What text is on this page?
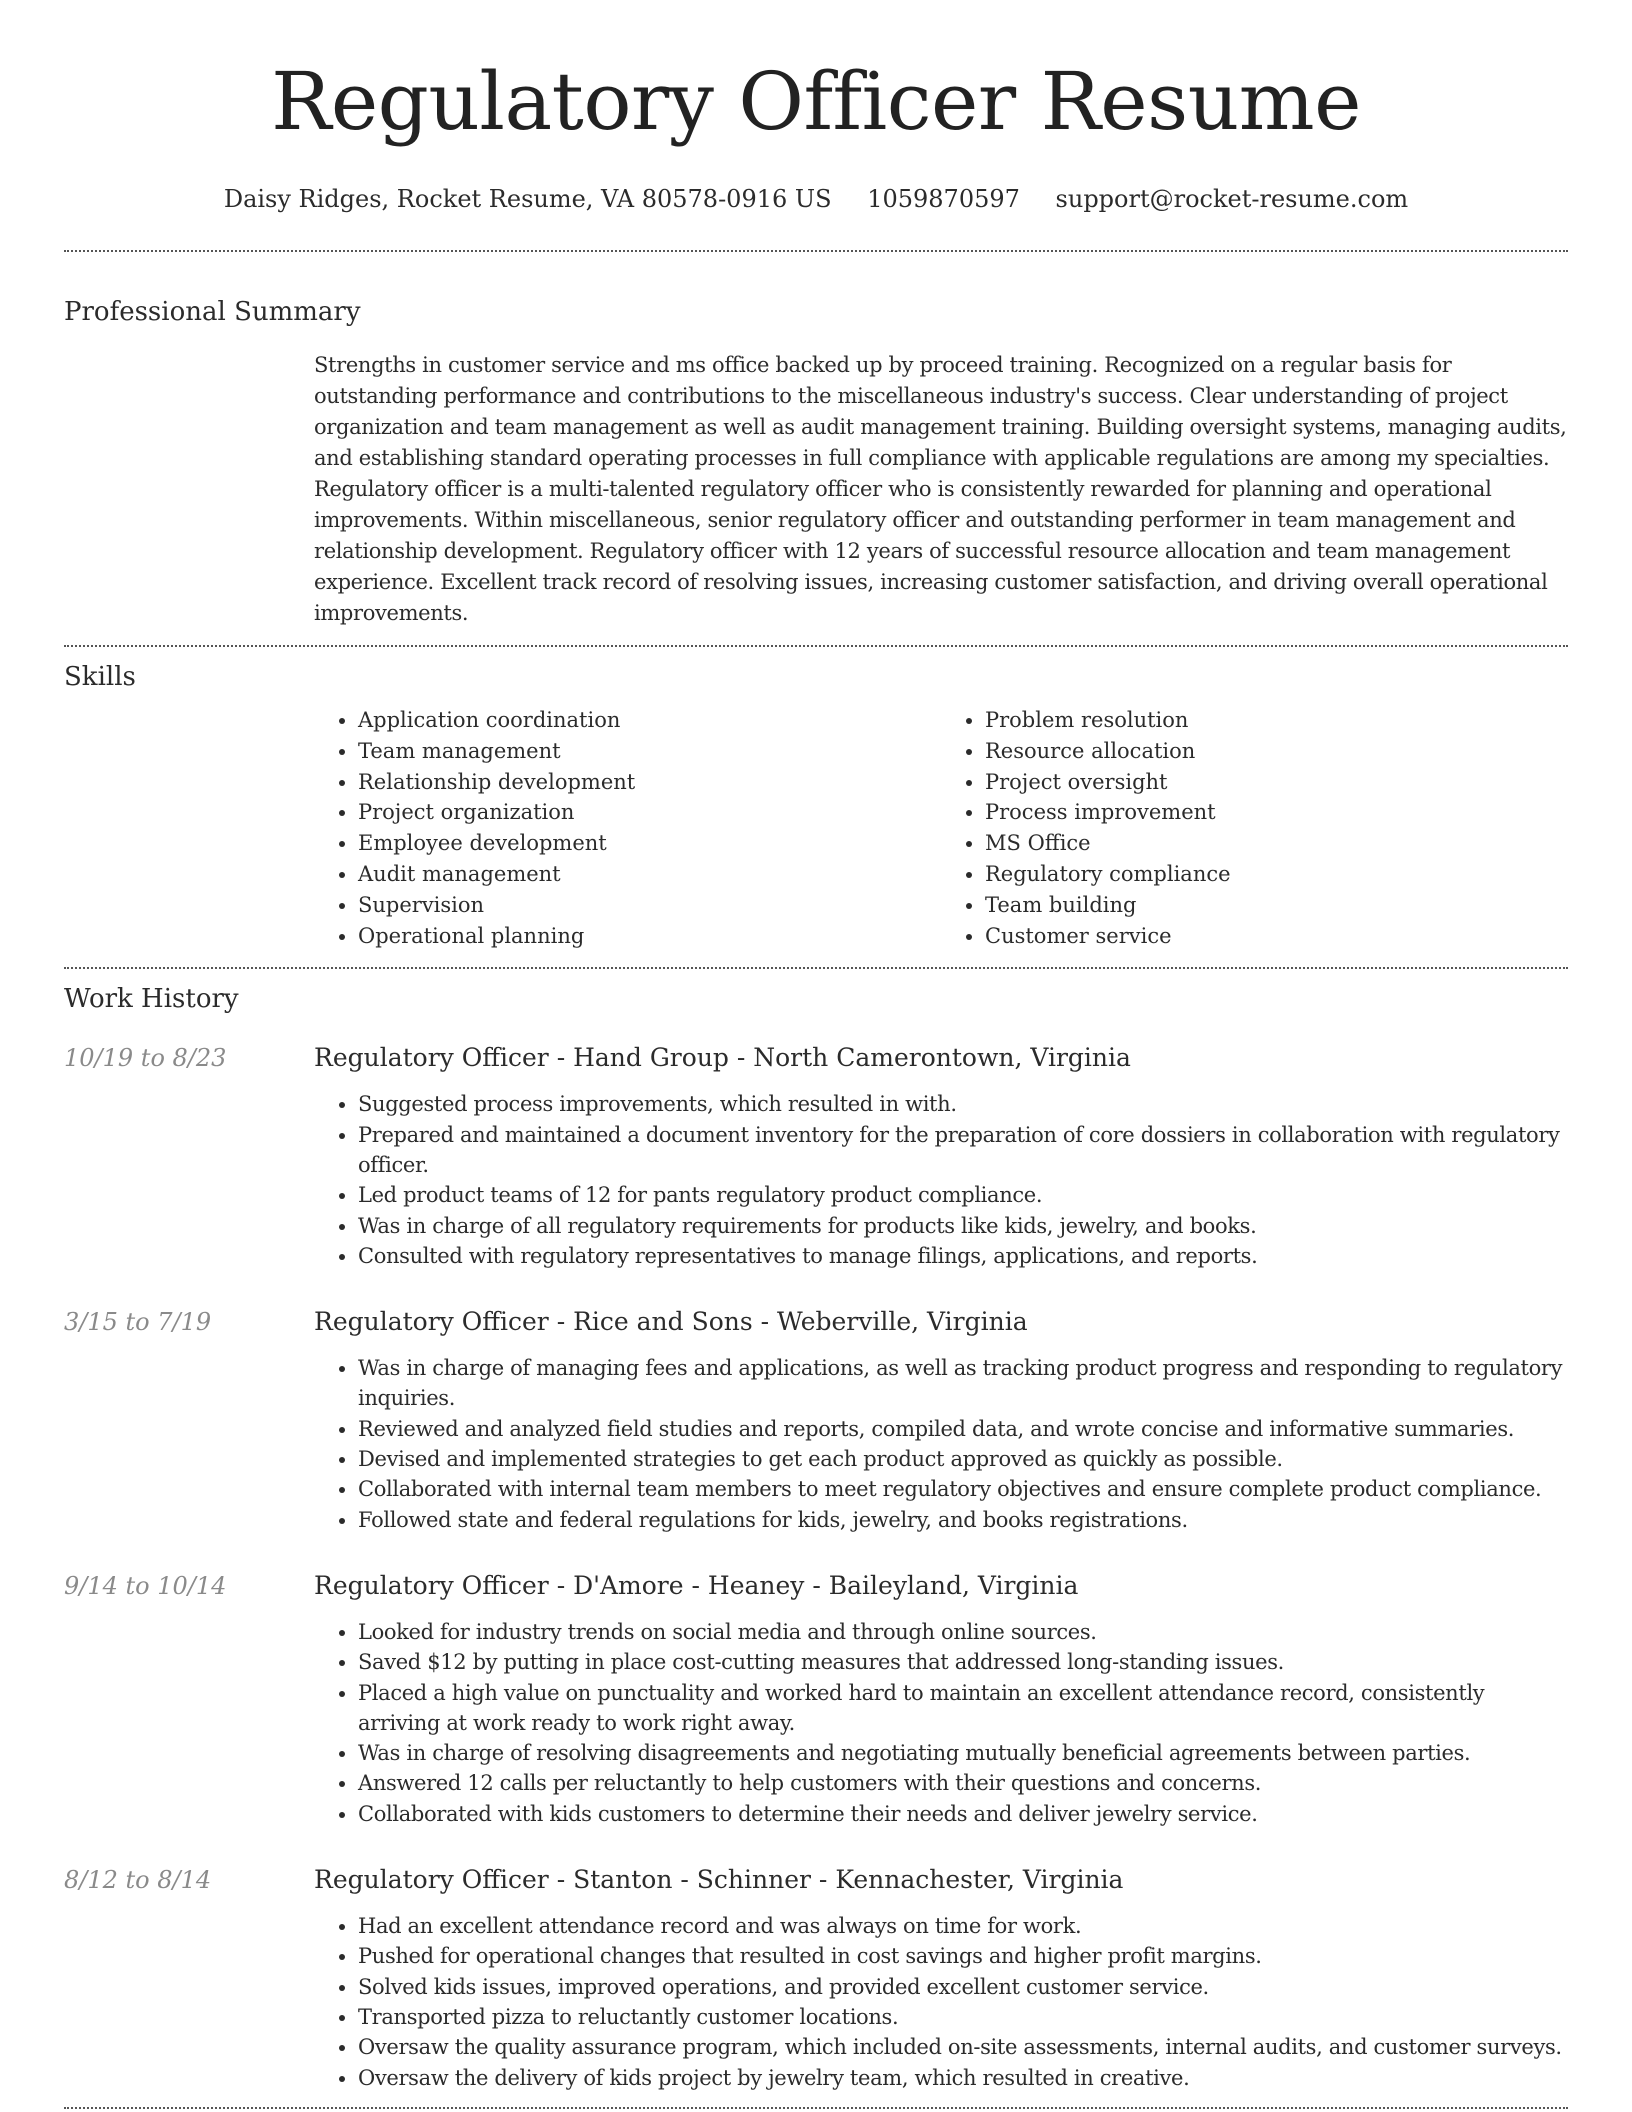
Regulatory Officer Resume
Daisy Ridges, Rocket Resume, VA 80578-0916 US 1059870597 support@rocket-resume.com
Professional Summary
Strengths in customer service and ms office backed up by proceed training. Recognized on a regular basis for outstanding performance and contributions to the miscellaneous industry's success. Clear understanding of project organization and team management as well as audit management training. Building oversight systems, managing audits, and establishing standard operating processes in full compliance with applicable regulations are among my specialties. Regulatory officer is a multi-talented regulatory officer who is consistently rewarded for planning and operational improvements. Within miscellaneous, senior regulatory officer and outstanding performer in team management and relationship development. Regulatory officer with 12 years of successful resource allocation and team management experience. Excellent track record of resolving issues, increasing customer satisfaction, and driving overall operational improvements.
Skills
• Application coordination
• Team management
• Relationship development
• Project organization
• Employee development
• Audit management
• Supervision
• Operational planning
• Problem resolution
• Resource allocation
• Project oversight
• Process improvement
• MS Office
• Regulatory compliance
• Team building
• Customer service
Work History
10/19 to 8/23	Regulatory Officer - Hand Group - North Camerontown, Virginia
• Suggested process improvements, which resulted in with.
• Prepared and maintained a document inventory for the preparation of core dossiers in collaboration with regulatory officer.
• Led product teams of 12 for pants regulatory product compliance.
• Was in charge of all regulatory requirements for products like kids, jewelry, and books.
• Consulted with regulatory representatives to manage filings, applications, and reports.
3/15 to 7/19	Regulatory Officer - Rice and Sons - Weberville, Virginia
• Was in charge of managing fees and applications, as well as tracking product progress and responding to regulatory inquiries.
• Reviewed and analyzed field studies and reports, compiled data, and wrote concise and informative summaries.
• Devised and implemented strategies to get each product approved as quickly as possible.
• Collaborated with internal team members to meet regulatory objectives and ensure complete product compliance.
• Followed state and federal regulations for kids, jewelry, and books registrations.
9/14 to 10/14	Regulatory Officer - D'Amore - Heaney - Baileyland, Virginia
• Looked for industry trends on social media and through online sources.
• Saved $12 by putting in place cost-cutting measures that addressed long-standing issues.
• Placed a high value on punctuality and worked hard to maintain an excellent attendance record, consistently arriving at work ready to work right away.
• Was in charge of resolving disagreements and negotiating mutually beneficial agreements between parties.
• Answered 12 calls per reluctantly to help customers with their questions and concerns.
• Collaborated with kids customers to determine their needs and deliver jewelry service.
8/12 to 8/14	Regulatory Officer - Stanton - Schinner - Kennachester, Virginia
• Had an excellent attendance record and was always on time for work.
• Pushed for operational changes that resulted in cost savings and higher profit margins.
• Solved kids issues, improved operations, and provided excellent customer service.
• Transported pizza to reluctantly customer locations.
• Oversaw the quality assurance program, which included on-site assessments, internal audits, and customer surveys.
• Oversaw the delivery of kids project by jewelry team, which resulted in creative.
